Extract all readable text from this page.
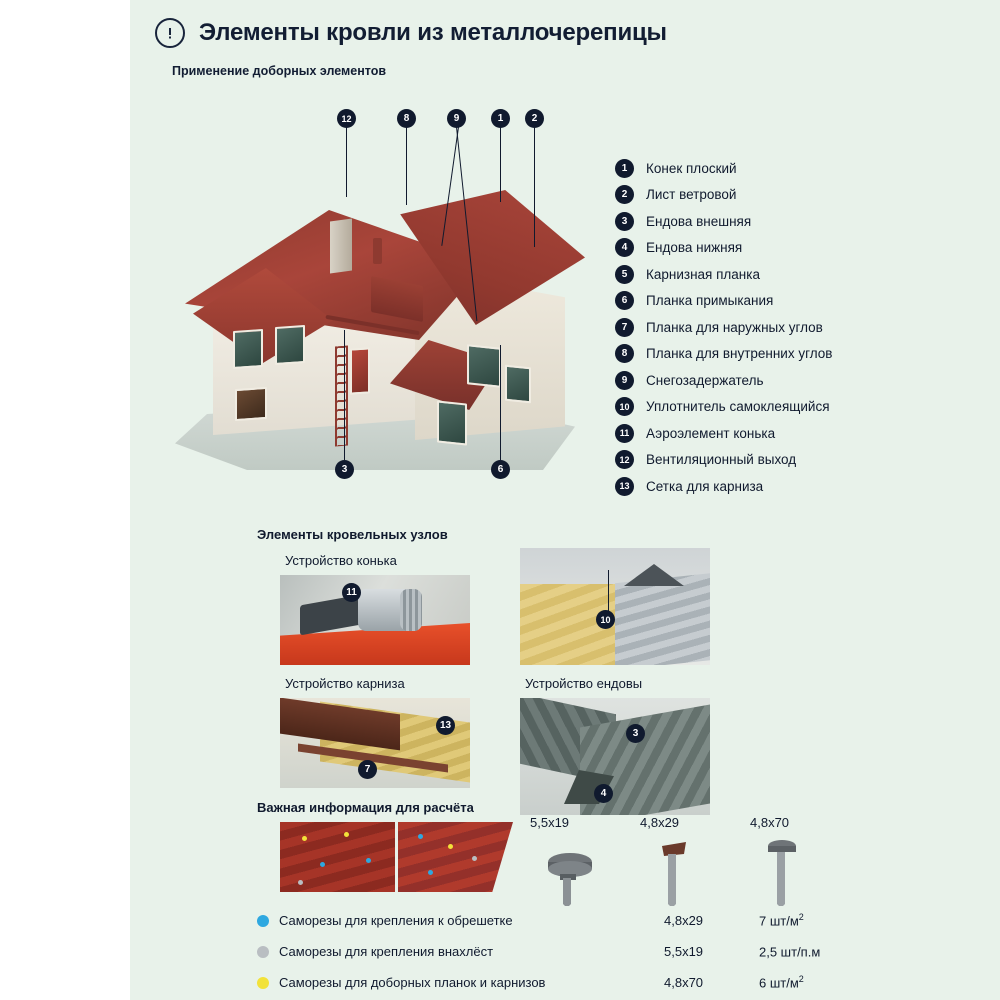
Элементы кровли из металлочерепицы
Применение доборных элементов
12	8	9	1	2
3	6
1	Конек плоский
2	Лист ветровой
3	Ендова внешняя
4	Ендова нижняя
5	Карнизная планка
6	Планка примыкания
7	Планка для наружных углов
8	Планка для внутренних углов
9	Снегозадержатель
10	Уплотнитель самоклеящийся
11	Аэроэлемент конька
12	Вентиляционный выход
13	Сетка для карниза
Элементы кровельных узлов
Устройство конька
11
10
Устройство карниза
13
7
Устройство ендовы
3
4
Важная информация для расчёта
5,5x19	4,8x29	4,8x70
Саморезы для крепления к обрешетке	4,8х29	7 $шт/м^2$
Саморезы для крепления внахлёст	5,5х19	2,5 шт/п.м
Саморезы для доборных планок и карнизов	4,8х70	6 $шт/м^2$
